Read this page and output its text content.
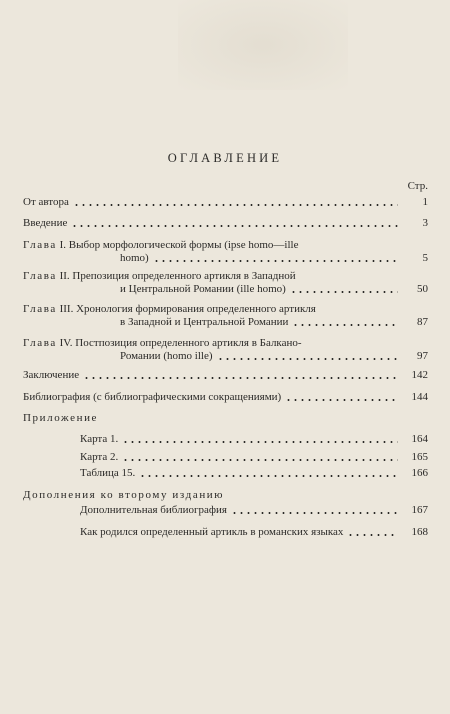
ОГЛАВЛЕНИЕ
Стр.
От автора	1
Введение	3
Глава I. Выбор морфологической формы (ipse homo—ille
homo)	5
Глава II. Препозиция определенного артикля в Западной
и Центральной Романии (ille homo)	50
Глава III. Хронология формирования определенного артикля
в Западной и Центральной Романии	87
Глава IV. Постпозиция определенного артикля в Балкано-
Романии (homo ille)	97
Заключение	142
Библиография (с библиографическими сокращениями)	144
Приложение
Карта 1.	164
Карта 2.	165
Таблица 15.	166
Дополнения ко второму изданию
Дополнительная библиография	167
Как родился определенный артикль в романских языках	168
